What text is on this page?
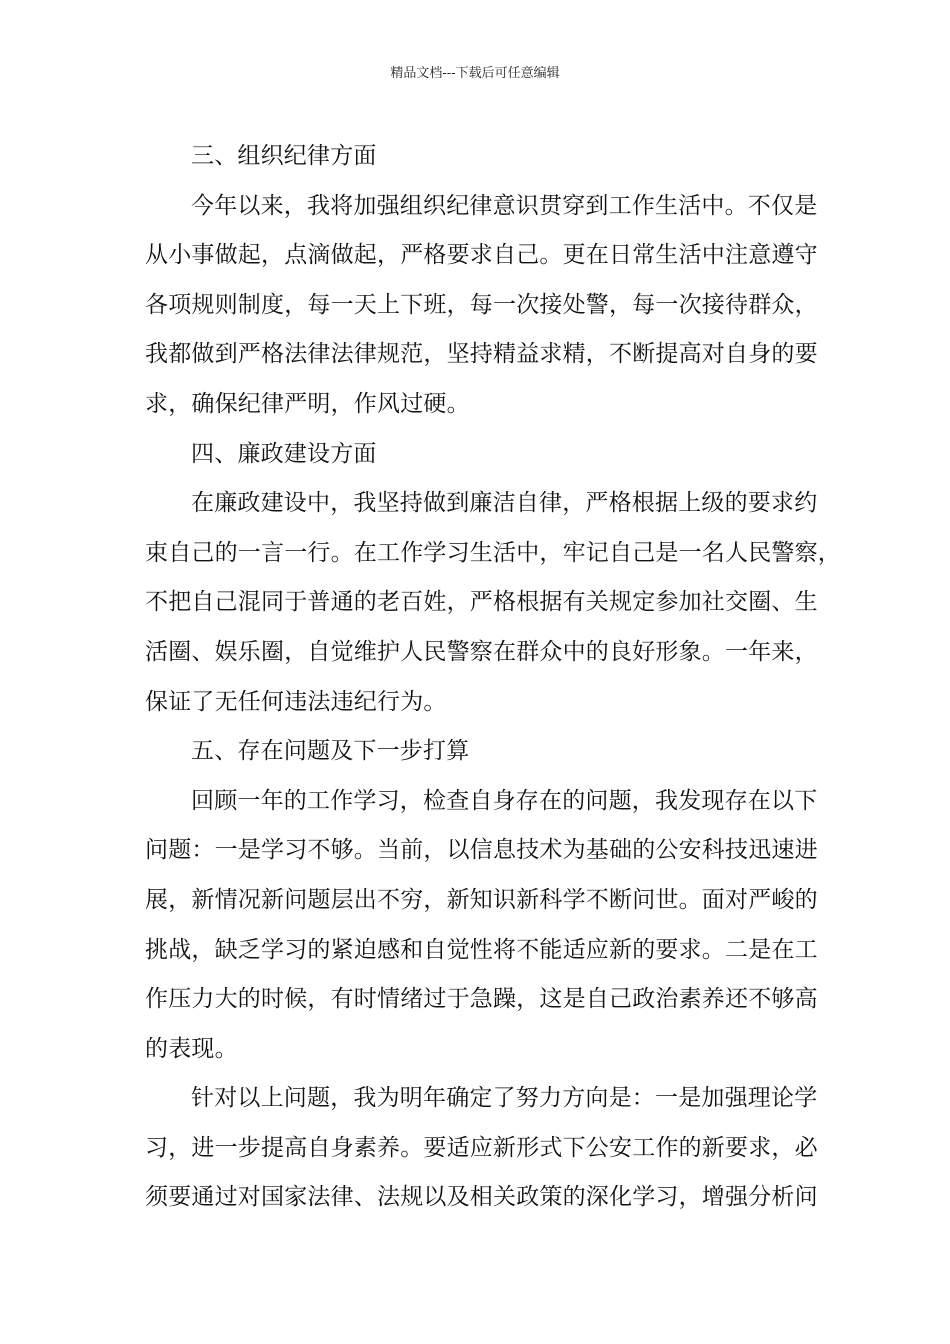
精品文档---下载后可任意编辑
三、组织纪律方面
今年以来，我将加强组织纪律意识贯穿到工作生活中。不仅是
从小事做起，点滴做起，严格要求自己。更在日常生活中注意遵守
各项规则制度，每一天上下班，每一次接处警，每一次接待群众，
我都做到严格法律法律规范，坚持精益求精，不断提高对自身的要
求，确保纪律严明，作风过硬。
四、廉政建设方面
在廉政建设中，我坚持做到廉洁自律，严格根据上级的要求约
束自己的一言一行。在工作学习生活中，牢记自己是一名人民警察，
不把自己混同于普通的老百姓，严格根据有关规定参加社交圈、生
活圈、娱乐圈，自觉维护人民警察在群众中的良好形象。一年来，
保证了无任何违法违纪行为。
五、存在问题及下一步打算
回顾一年的工作学习，检查自身存在的问题，我发现存在以下
问题：一是学习不够。当前，以信息技术为基础的公安科技迅速进
展，新情况新问题层出不穷，新知识新科学不断问世。面对严峻的
挑战，缺乏学习的紧迫感和自觉性将不能适应新的要求。二是在工
作压力大的时候，有时情绪过于急躁，这是自己政治素养还不够高
的表现。
针对以上问题，我为明年确定了努力方向是：一是加强理论学
习，进一步提高自身素养。要适应新形式下公安工作的新要求，必
须要通过对国家法律、法规以及相关政策的深化学习，增强分析问
